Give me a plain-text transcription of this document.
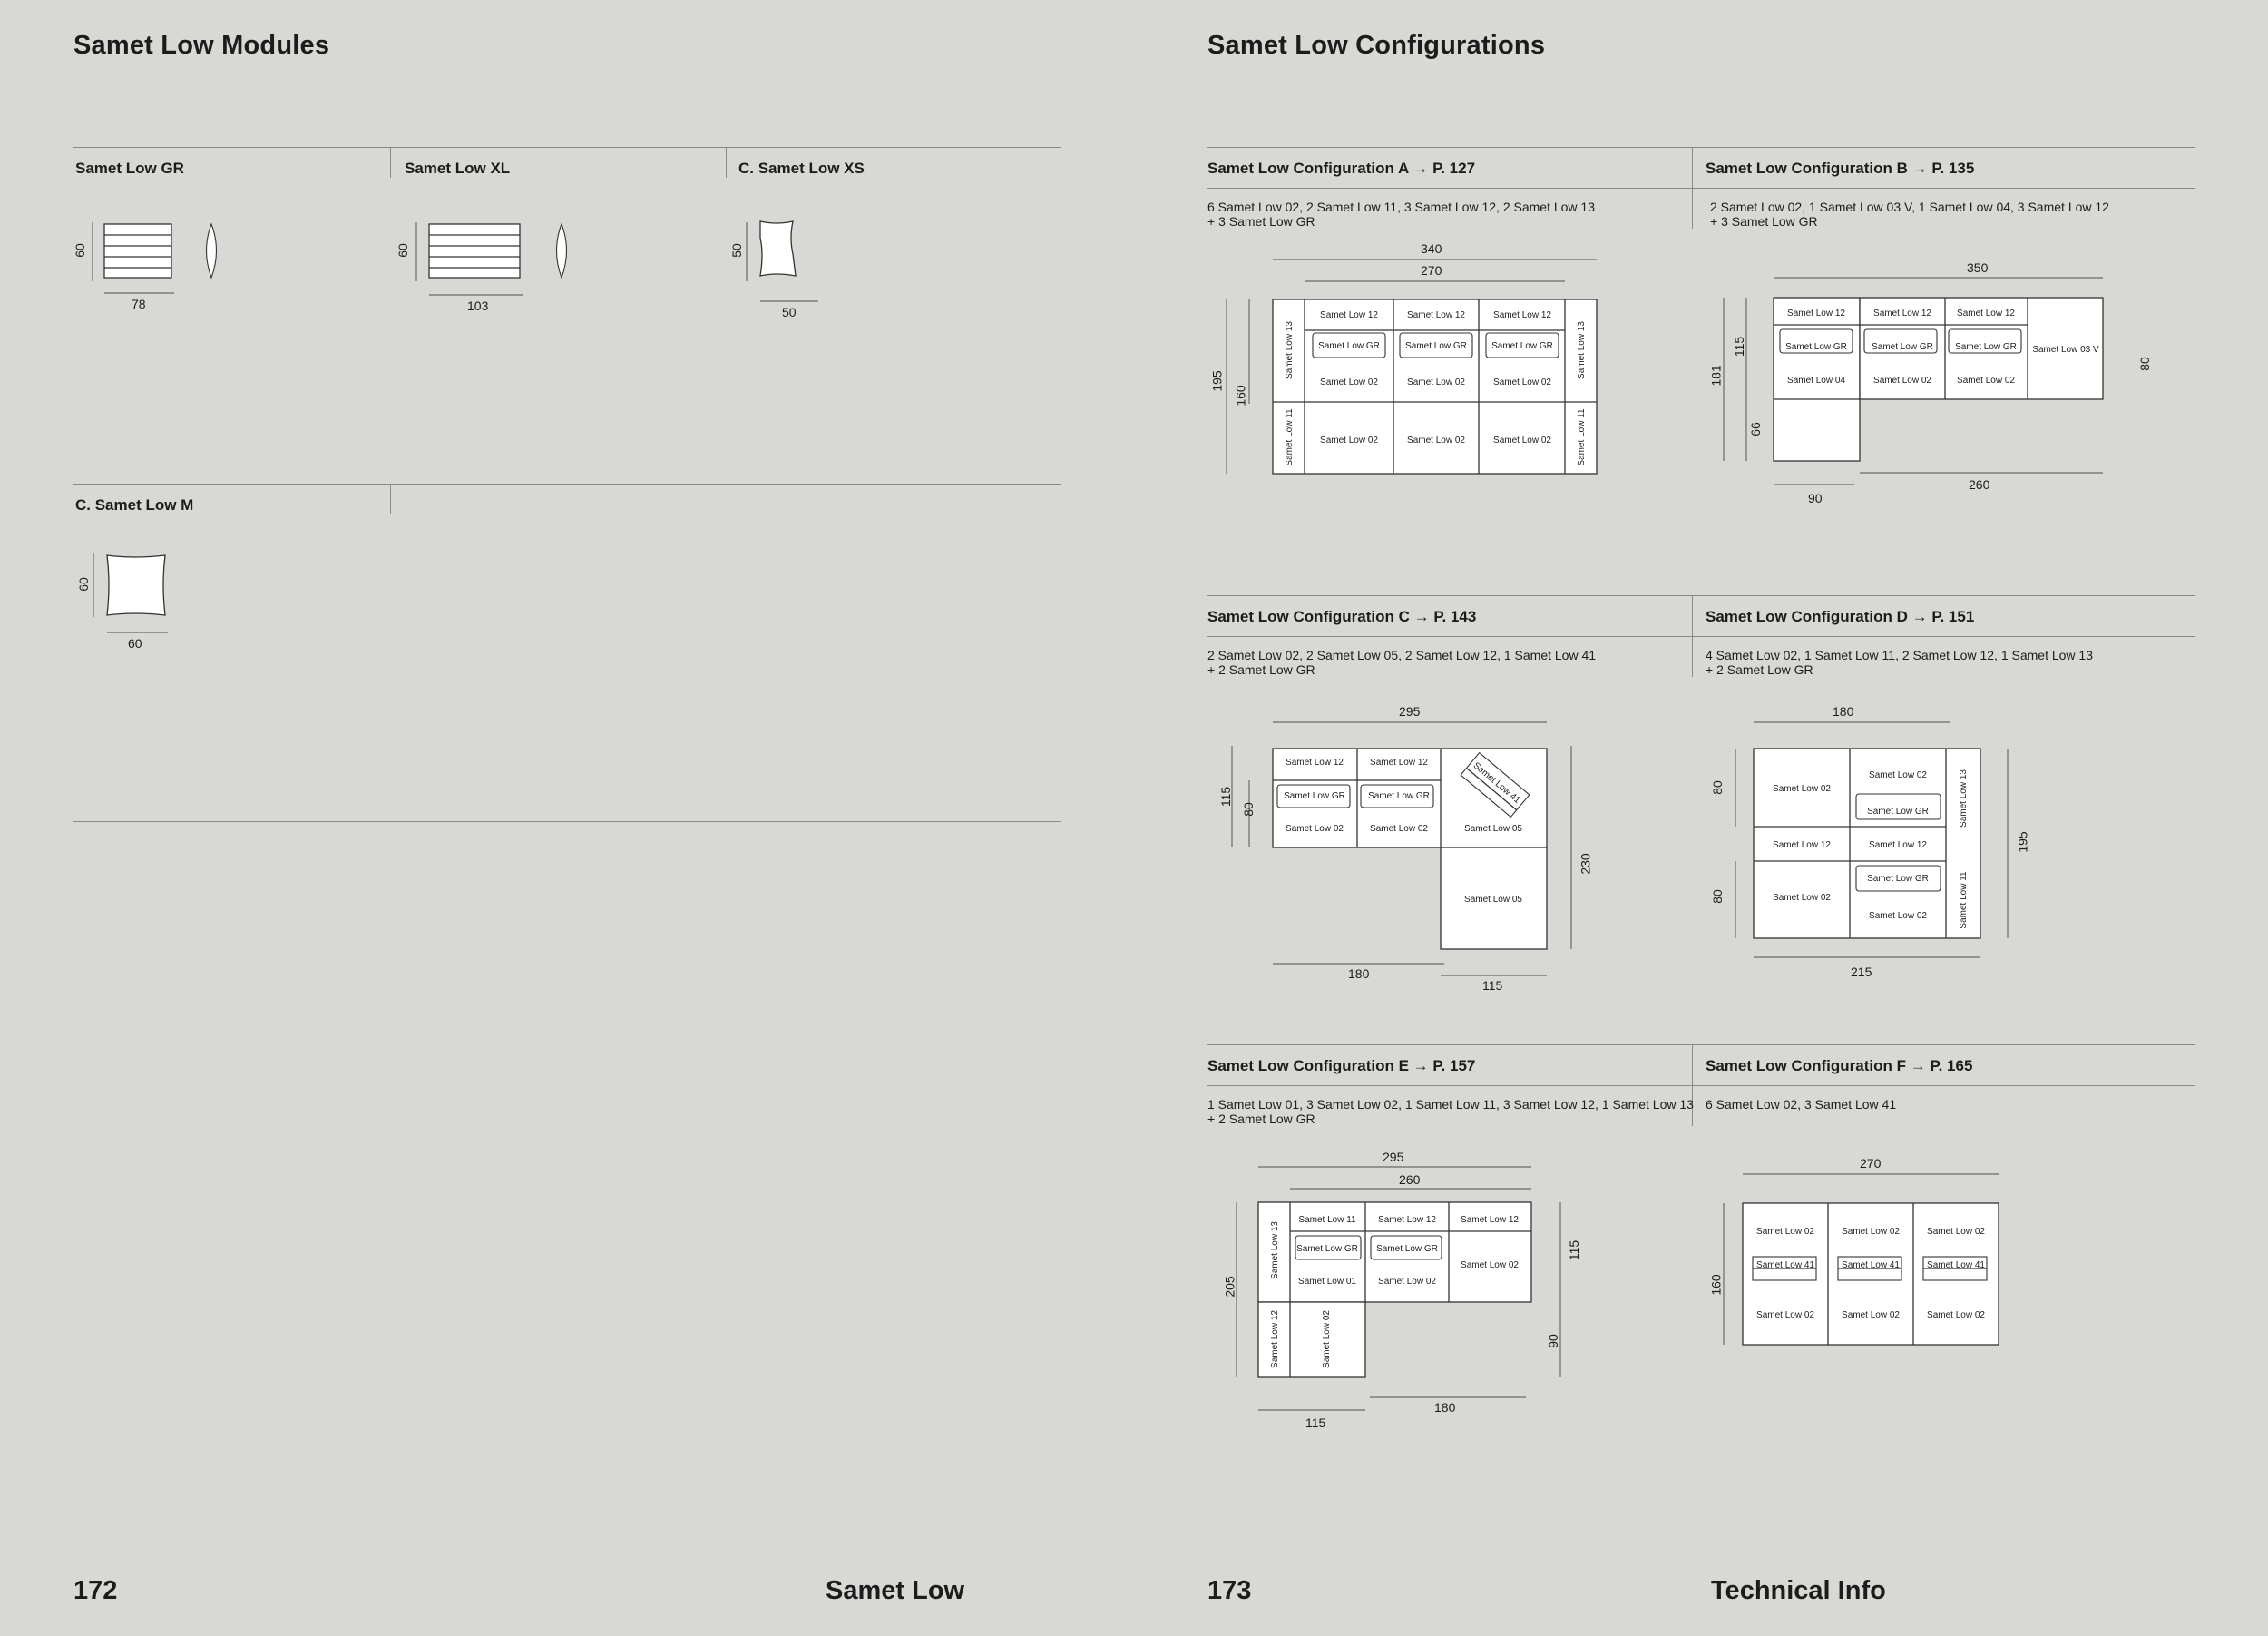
Samet Low Modules
Samet Low GR	Samet Low XL	C. Samet Low XS
60
78
60
103
50
50
C. Samet Low M
60
60
172	Samet Low
Samet Low Configurations
Samet Low Configuration A → P. 127	Samet Low Configuration B → P. 135
6 Samet Low 02, 2 Samet Low 11, 3 Samet Low 12, 2 Samet Low 13
+ 3 Samet Low GR
2 Samet Low 02, 1 Samet Low 03 V, 1 Samet Low 04, 3 Samet Low 12
+ 3 Samet Low GR
Samet Low 12	Samet Low 12	Samet Low 12
Samet Low GR	Samet Low GR	Samet Low GR
Samet Low 02	Samet Low 02	Samet Low 02
Samet Low 02	Samet Low 02	Samet Low 02
Samet Low 13	Samet Low 13
Samet Low 11	Samet Low 11
340
270
195
160
Samet Low 12	Samet Low 12	Samet Low 12
Samet Low GR	Samet Low GR Samet Low GR
Samet Low 04	Samet Low 02	Samet Low 02
Samet Low 03 V
350
115
181
66
80
90
260
Samet Low Configuration C → P. 143	Samet Low Configuration D → P. 151
2 Samet Low 02, 2 Samet Low 05, 2 Samet Low 12, 1 Samet Low 41
+ 2 Samet Low GR
4 Samet Low 02, 1 Samet Low 11, 2 Samet Low 12, 1 Samet Low 13
+ 2 Samet Low GR
Samet Low 41
Samet Low 12	Samet Low 12
Samet Low GR	Samet Low GR
Samet Low 02	Samet Low 02	Samet Low 05
Samet Low 05
295
115
80
230
180
115
Samet Low 02
Samet Low 02
Samet Low GR
Samet Low 12	Samet Low 12
Samet Low GR
Samet Low 02
Samet Low 02
Samet Low 13
Samet Low 11
180
80
80
195
215
Samet Low Configuration E → P. 157	Samet Low Configuration F → P. 165
1 Samet Low 01, 3 Samet Low 02, 1 Samet Low 11, 3 Samet Low 12, 1 Samet Low 13
+ 2 Samet Low GR
6 Samet Low 02, 3 Samet Low 41
Samet Low 11 Samet Low 12	Samet Low 12
Samet Low GR Samet Low GR
Samet Low 01 Samet Low 02
Samet Low 02
Samet Low 13
Samet Low 12	Samet Low 02
295
260
205
115
90
180
115
Samet Low 02	Samet Low 02	Samet Low 02
Samet Low 41	Samet Low 41	Samet Low 41
Samet Low 02	Samet Low 02	Samet Low 02
270
160
173	Technical Info
